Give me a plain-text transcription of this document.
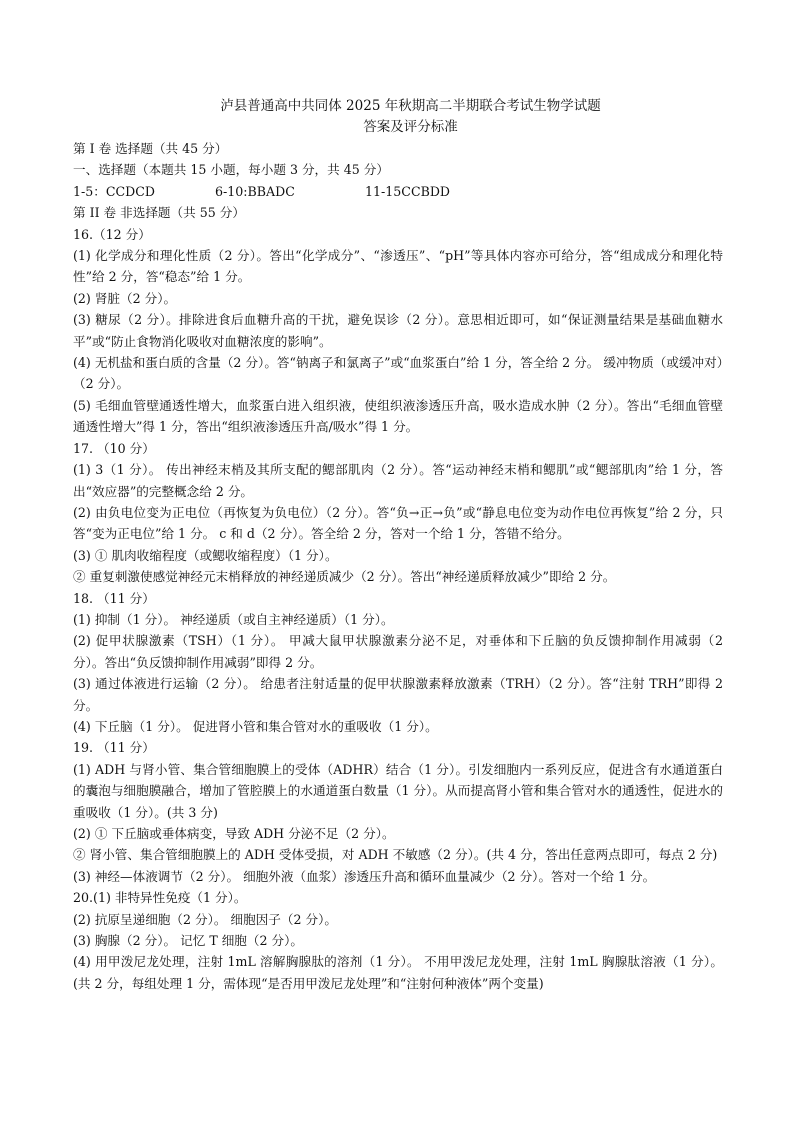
泸县普通高中共同体 2025 年秋期高二半期联合考试生物学试题
答案及评分标准
第 I 卷 选择题（共 45 分）
一、选择题（本题共 15 小题，每小题 3 分，共 45 分）
1-5：CCDCD	6-10:BBADC	11-15CCBDD
第 II 卷 非选择题（共 55 分）
16.（12 分）
(1) 化学成分和理化性质（2 分）。答出“化学成分”、“渗透压”、“pH”等具体内容亦可给分，答“组成成分和理化特性”给 2 分，答“稳态”给 1 分。
(2) 肾脏（2 分）。
(3) 糖尿（2 分）。排除进食后血糖升高的干扰，避免误诊（2 分）。意思相近即可，如“保证测量结果是基础血糖水平”或“防止食物消化吸收对血糖浓度的影响”。
(4) 无机盐和蛋白质的含量（2 分）。答“钠离子和氯离子”或“血浆蛋白”给 1 分，答全给 2 分。 缓冲物质（或缓冲对）（2 分）。
(5) 毛细血管壁通透性增大，血浆蛋白进入组织液，使组织液渗透压升高，吸水造成水肿（2 分）。答出“毛细血管壁通透性增大”得 1 分，答出“组织液渗透压升高/吸水”得 1 分。
17. （10 分）
(1) 3（1 分）。 传出神经末梢及其所支配的鳃部肌肉（2 分）。答“运动神经末梢和鳃肌”或“鳃部肌肉”给 1 分，答出“效应器”的完整概念给 2 分。
(2) 由负电位变为正电位（再恢复为负电位）（2 分）。答“负→正→负”或“静息电位变为动作电位再恢复”给 2 分，只答“变为正电位”给 1 分。 c 和 d（2 分）。答全给 2 分，答对一个给 1 分，答错不给分。
(3) ① 肌肉收缩程度（或鳃收缩程度）（1 分）。
② 重复刺激使感觉神经元末梢释放的神经递质减少（2 分）。答出“神经递质释放减少”即给 2 分。
18. （11 分）
(1) 抑制（1 分）。 神经递质（或自主神经递质）（1 分）。
(2) 促甲状腺激素（TSH）（1 分）。 甲减大鼠甲状腺激素分泌不足，对垂体和下丘脑的负反馈抑制作用减弱（2 分）。答出“负反馈抑制作用减弱”即得 2 分。
(3) 通过体液进行运输（2 分）。 给患者注射适量的促甲状腺激素释放激素（TRH）（2 分）。答“注射 TRH”即得 2 分。
(4) 下丘脑（1 分）。 促进肾小管和集合管对水的重吸收（1 分）。
19. （11 分）
(1) ADH 与肾小管、集合管细胞膜上的受体（ADHR）结合（1 分）。引发细胞内一系列反应，促进含有水通道蛋白的囊泡与细胞膜融合，增加了管腔膜上的水通道蛋白数量（1 分）。从而提高肾小管和集合管对水的通透性，促进水的重吸收（1 分）。(共 3 分)
(2) ① 下丘脑或垂体病变，导致 ADH 分泌不足（2 分）。
② 肾小管、集合管细胞膜上的 ADH 受体受损，对 ADH 不敏感（2 分）。(共 4 分，答出任意两点即可，每点 2 分)
(3) 神经—体液调节（2 分）。 细胞外液（血浆）渗透压升高和循环血量减少（2 分）。答对一个给 1 分。
20.(1) 非特异性免疫（1 分）。
(2) 抗原呈递细胞（2 分）。 细胞因子（2 分）。
(3) 胸腺（2 分）。 记忆 T 细胞（2 分）。
(4) 用甲泼尼龙处理，注射 1mL 溶解胸腺肽的溶剂（1 分）。 不用甲泼尼龙处理，注射 1mL 胸腺肽溶液（1 分）。(共 2 分，每组处理 1 分，需体现“是否用甲泼尼龙处理”和“注射何种液体”两个变量)
